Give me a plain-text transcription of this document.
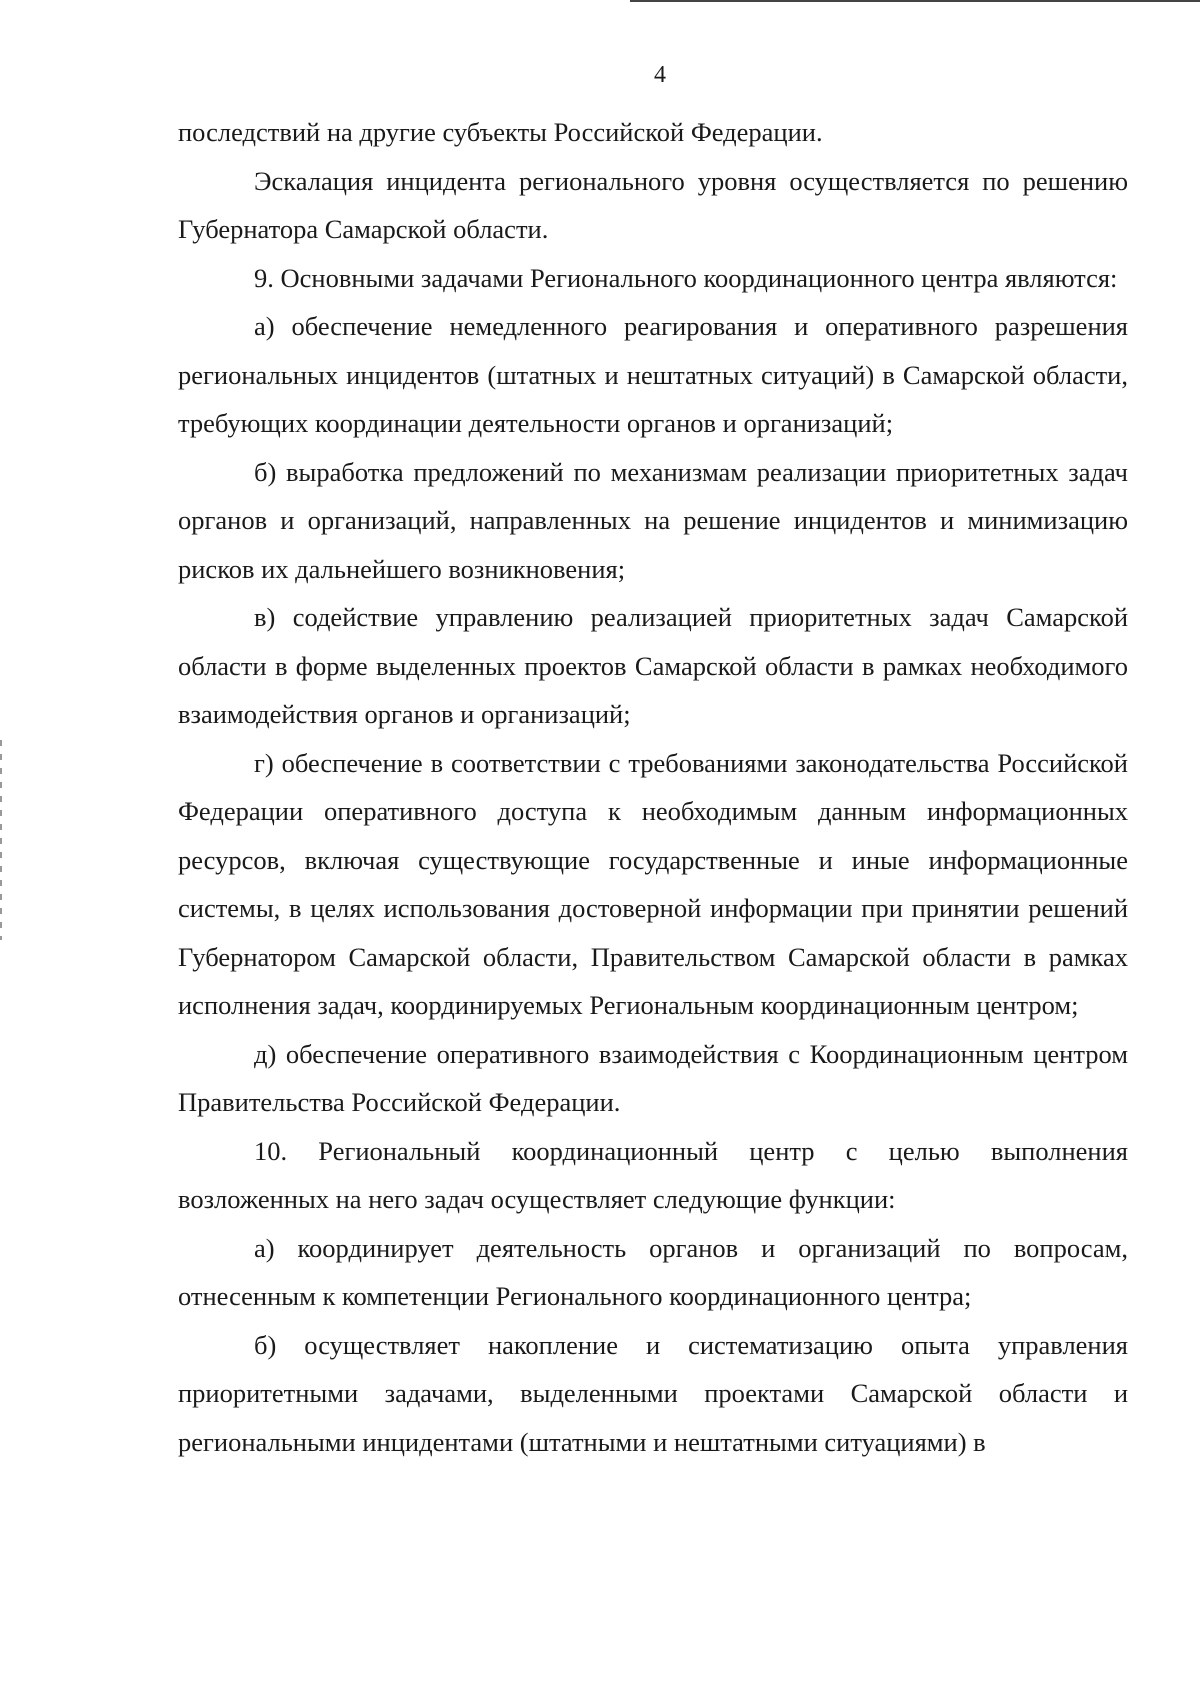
4

последствий на другие субъекты Российской Федерации.

Эскалация инцидента регионального уровня осуществляется по решению Губернатора Самарской области.

9. Основными задачами Регионального координационного центра являются:

а) обеспечение немедленного реагирования и оперативного разрешения региональных инцидентов (штатных и нештатных ситуаций) в Самарской области, требующих координации деятельности органов и организаций;

б) выработка предложений по механизмам реализации приоритетных задач органов и организаций, направленных на решение инцидентов и минимизацию рисков их дальнейшего возникновения;

в) содействие управлению реализацией приоритетных задач Самарской области в форме выделенных проектов Самарской области в рамках необходимого взаимодействия органов и организаций;

г) обеспечение в соответствии с требованиями законодательства Российской Федерации оперативного доступа к необходимым данным информационных ресурсов, включая существующие государственные и иные информационные системы, в целях использования достоверной информации при принятии решений Губернатором Самарской области, Правительством Самарской области в рамках исполнения задач, координируемых Региональным координационным центром;

д) обеспечение оперативного взаимодействия с Координационным центром Правительства Российской Федерации.

10. Региональный координационный центр с целью выполнения возложенных на него задач осуществляет следующие функции:

а) координирует деятельность органов и организаций по вопросам, отнесенным к компетенции Регионального координационного центра;

б) осуществляет накопление и систематизацию опыта управления приоритетными задачами, выделенными проектами Самарской области и региональными инцидентами (штатными и нештатными ситуациями) в
